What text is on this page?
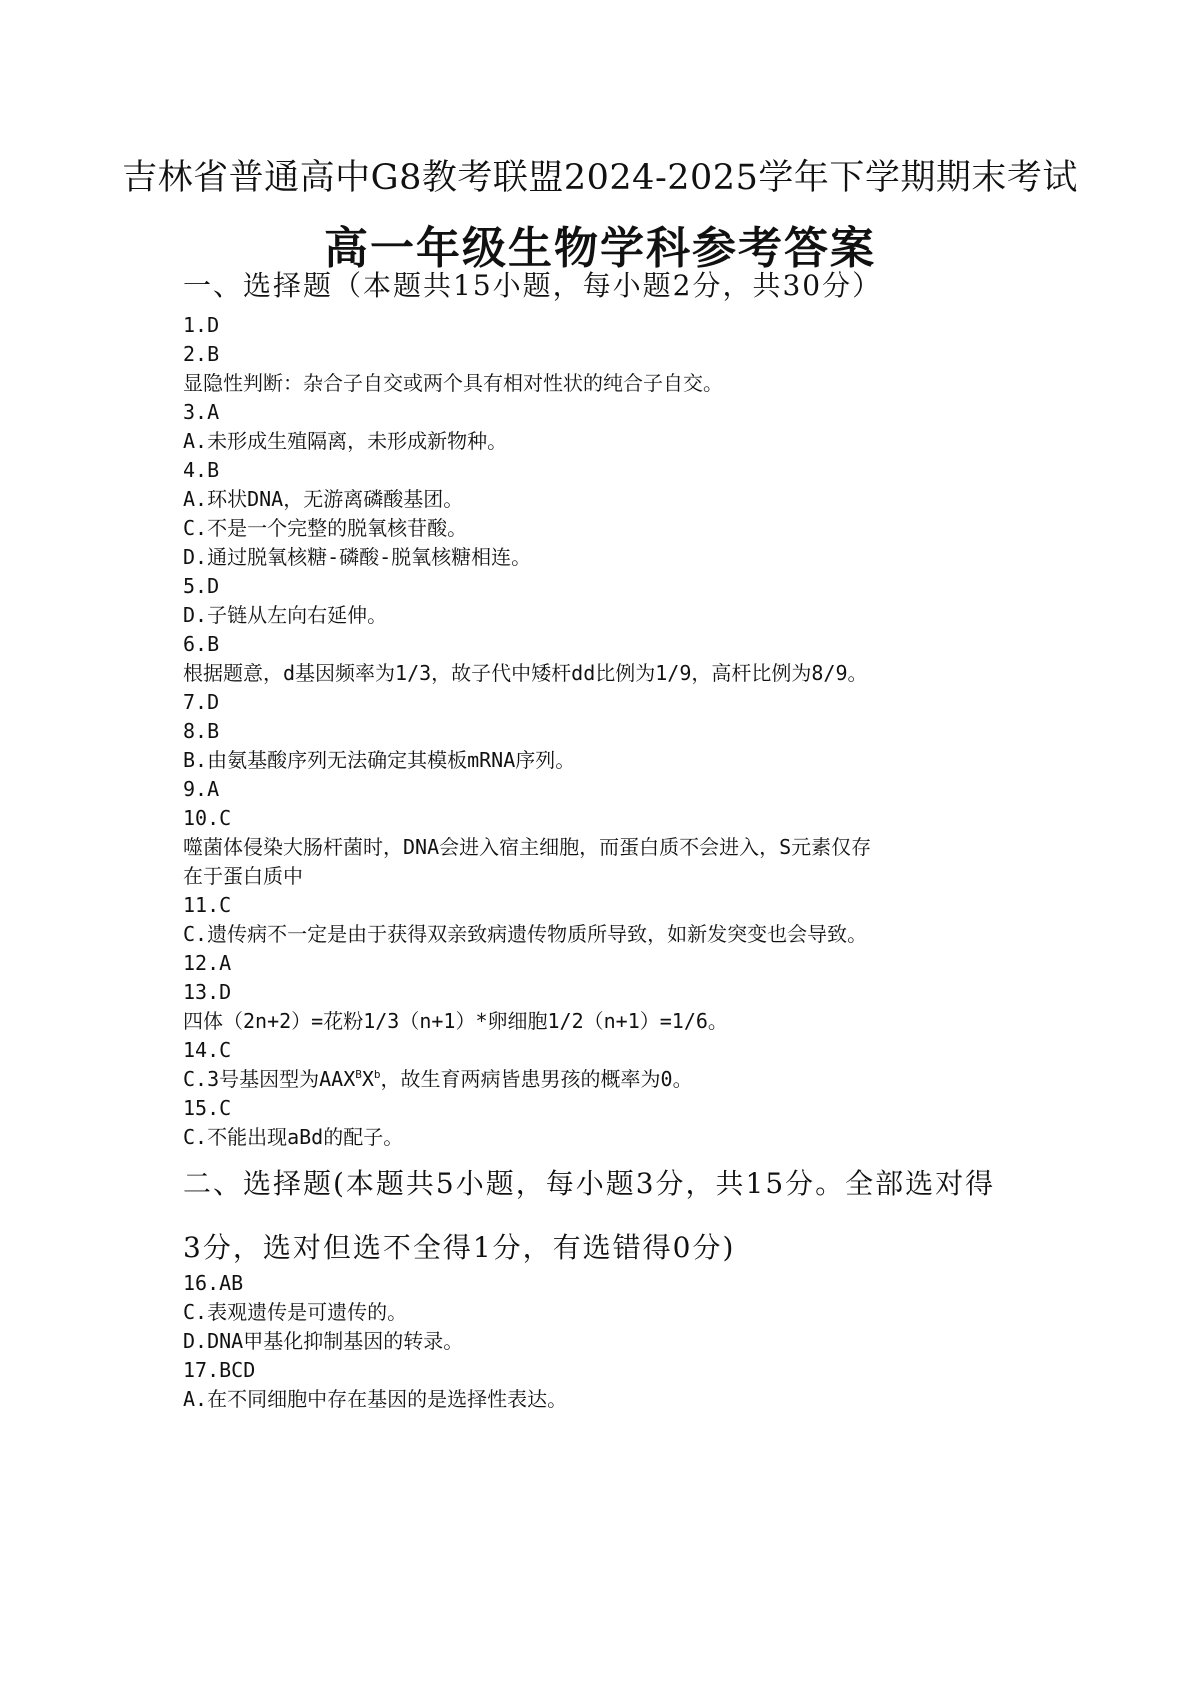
吉林省普通高中G8教考联盟2024-2025学年下学期期末考试
高一年级生物学科参考答案
一、选择题（本题共15小题，每小题2分，共30分）
1.D
2.B
显隐性判断：杂合子自交或两个具有相对性状的纯合子自交。
3.A
A.未形成生殖隔离，未形成新物种。
4.B
A.环状DNA，无游离磷酸基团。
C.不是一个完整的脱氧核苷酸。
D.通过脱氧核糖-磷酸-脱氧核糖相连。
5.D
D.子链从左向右延伸。
6.B
根据题意，d基因频率为1/3，故子代中矮杆dd比例为1/9，高杆比例为8/9。
7.D
8.B
B.由氨基酸序列无法确定其模板mRNA序列。
9.A
10.C
噬菌体侵染大肠杆菌时，DNA会进入宿主细胞，而蛋白质不会进入，S元素仅存
在于蛋白质中
11.C
C.遗传病不一定是由于获得双亲致病遗传物质所导致，如新发突变也会导致。
12.A
13.D
四体（2n+2）=花粉1/3（n+1）*卵细胞1/2（n+1）=1/6。
14.C
C.3号基因型为$AAX^BX^b$，故生育两病皆患男孩的概率为0。
15.C
C.不能出现aBd的配子。
二、选择题(本题共5小题，每小题3分，共15分。全部选对得
3分，选对但选不全得1分，有选错得0分)
16.AB
C.表观遗传是可遗传的。
D.DNA甲基化抑制基因的转录。
17.BCD
A.在不同细胞中存在基因的是选择性表达。
